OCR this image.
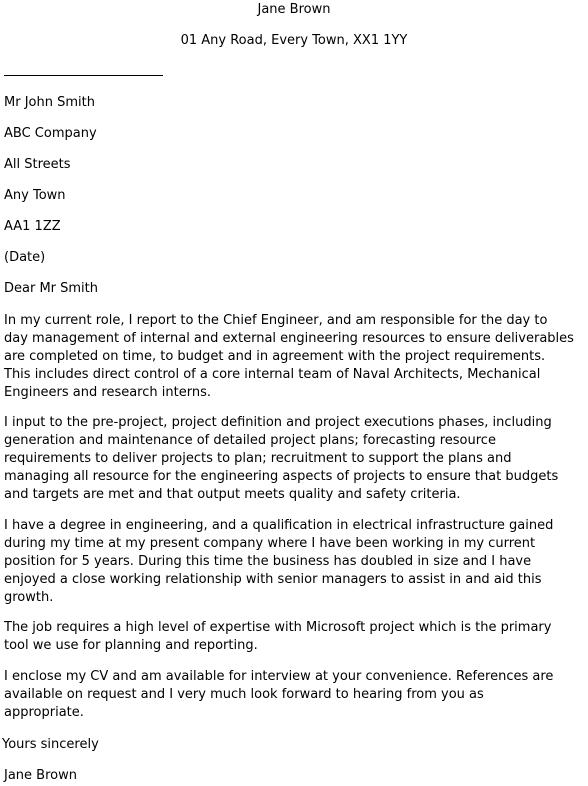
Jane Brown
01 Any Road, Every Town, XX1 1YY
Mr John Smith
ABC Company
All Streets
Any Town
AA1 1ZZ
(Date)
Dear Mr Smith
In my current role, I report to the Chief Engineer, and am responsible for the day to
day management of internal and external engineering resources to ensure deliverables
are completed on time, to budget and in agreement with the project requirements.
This includes direct control of a core internal team of Naval Architects, Mechanical
Engineers and research interns.
I input to the pre-project, project definition and project executions phases, including
generation and maintenance of detailed project plans; forecasting resource
requirements to deliver projects to plan; recruitment to support the plans and
managing all resource for the engineering aspects of projects to ensure that budgets
and targets are met and that output meets quality and safety criteria.
I have a degree in engineering, and a qualification in electrical infrastructure gained
during my time at my present company where I have been working in my current
position for 5 years. During this time the business has doubled in size and I have
enjoyed a close working relationship with senior managers to assist in and aid this
growth.
The job requires a high level of expertise with Microsoft project which is the primary
tool we use for planning and reporting.
I enclose my CV and am available for interview at your convenience. References are
available on request and I very much look forward to hearing from you as
appropriate.
Yours sincerely
Jane Brown
